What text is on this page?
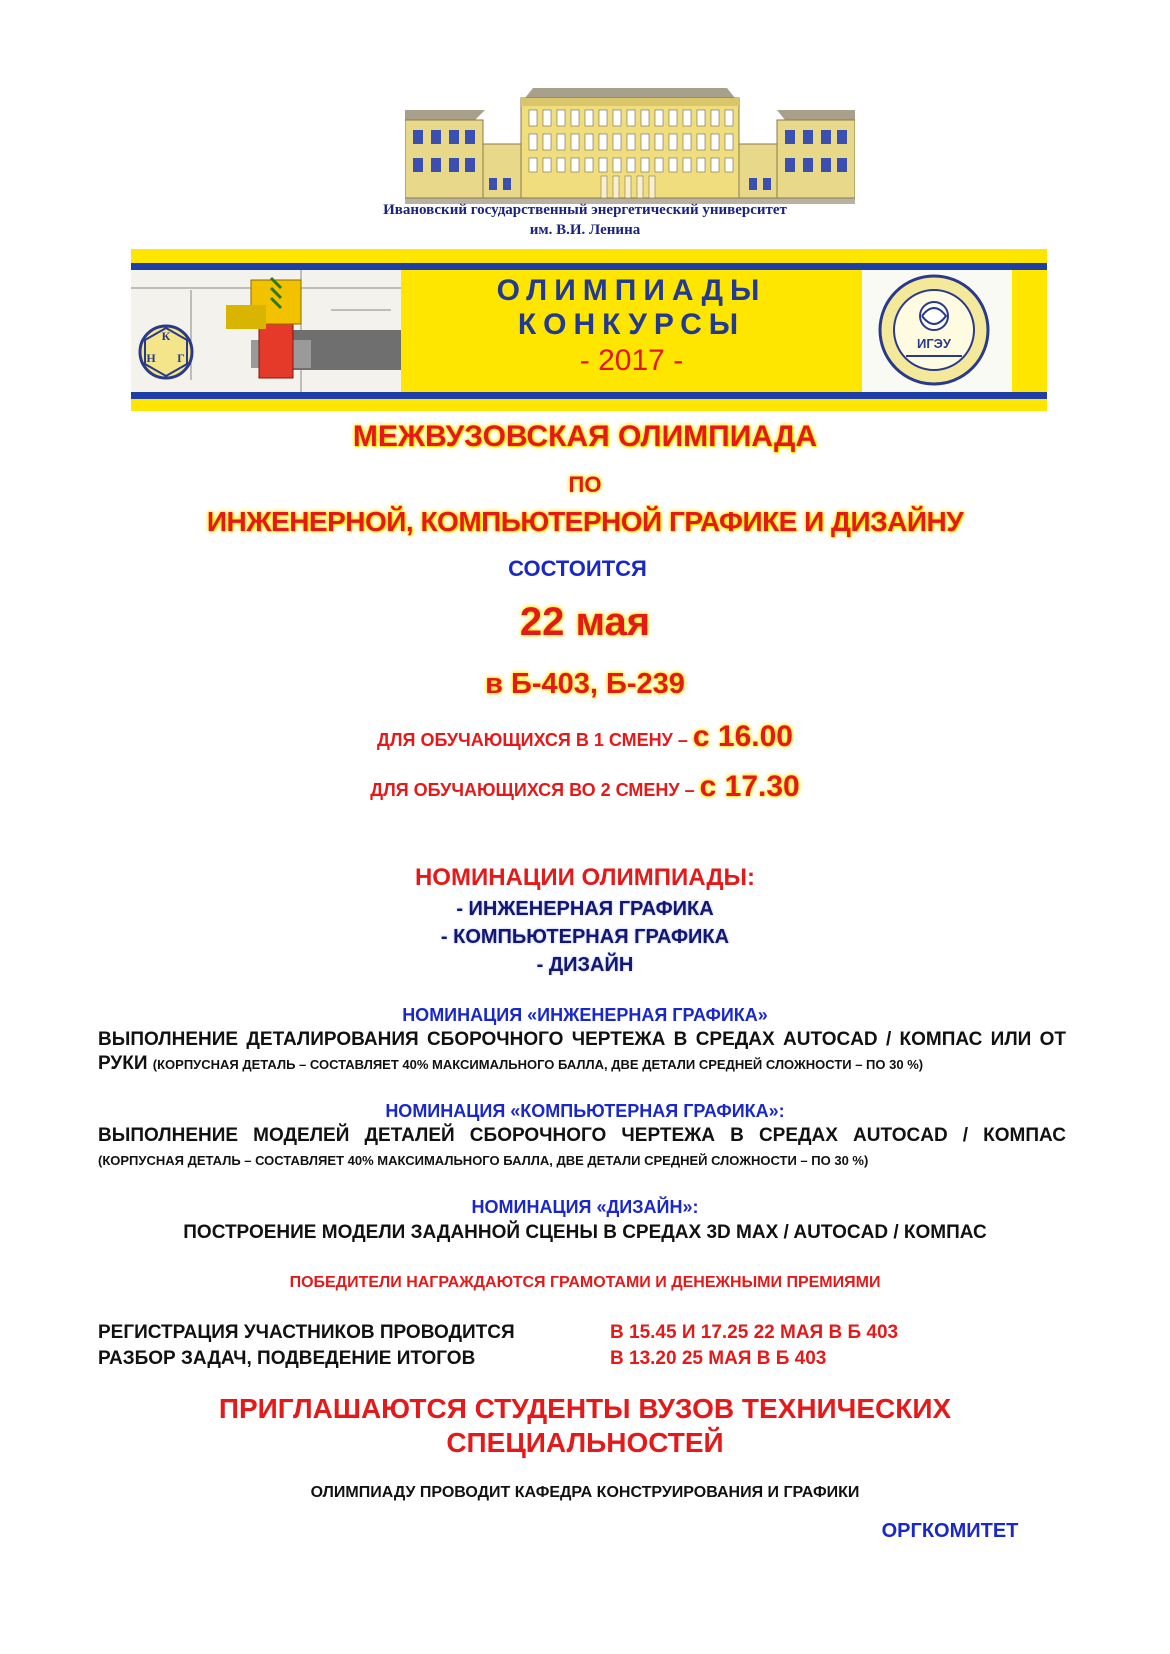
Ивановский государственный энергетический университет
им. В.И. Ленина
К
Н Г
ОЛИМПИАДЫ
КОНКУРСЫ
- 2017 -
ИГЭУ
МЕЖВУЗОВСКАЯ ОЛИМПИАДА
ПО
ИНЖЕНЕРНОЙ, КОМПЬЮТЕРНОЙ ГРАФИКЕ И ДИЗАЙНУ
СОСТОИТСЯ
22 мая
в Б-403, Б-239
ДЛЯ ОБУЧАЮЩИХСЯ В 1 СМЕНУ – с 16.00
ДЛЯ ОБУЧАЮЩИХСЯ ВО 2 СМЕНУ – с 17.30
НОМИНАЦИИ ОЛИМПИАДЫ:
- ИНЖЕНЕРНАЯ ГРАФИКА
- КОМПЬЮТЕРНАЯ ГРАФИКА
- ДИЗАЙН
НОМИНАЦИЯ «ИНЖЕНЕРНАЯ ГРАФИКА»
ВЫПОЛНЕНИЕ ДЕТАЛИРОВАНИЯ СБОРОЧНОГО ЧЕРТЕЖА В СРЕДАХ AUTOCAD / КОМПАС ИЛИ ОТ РУКИ (КОРПУСНАЯ ДЕТАЛЬ – СОСТАВЛЯЕТ 40% МАКСИМАЛЬНОГО БАЛЛА, ДВЕ ДЕТАЛИ СРЕДНЕЙ СЛОЖНОСТИ – ПО 30 %)
НОМИНАЦИЯ «КОМПЬЮТЕРНАЯ ГРАФИКА»:
ВЫПОЛНЕНИЕ МОДЕЛЕЙ ДЕТАЛЕЙ СБОРОЧНОГО ЧЕРТЕЖА В СРЕДАХ AUTOCAD / КОМПАС (КОРПУСНАЯ ДЕТАЛЬ – СОСТАВЛЯЕТ 40% МАКСИМАЛЬНОГО БАЛЛА, ДВЕ ДЕТАЛИ СРЕДНЕЙ СЛОЖНОСТИ – ПО 30 %)
НОМИНАЦИЯ «ДИЗАЙН»:
ПОСТРОЕНИЕ МОДЕЛИ ЗАДАННОЙ СЦЕНЫ В СРЕДАХ 3D MAX / AUTOCAD / КОМПАС
ПОБЕДИТЕЛИ НАГРАЖДАЮТСЯ ГРАМОТАМИ И ДЕНЕЖНЫМИ ПРЕМИЯМИ
РЕГИСТРАЦИЯ УЧАСТНИКОВ ПРОВОДИТСЯ	В 15.45 И 17.25 22 МАЯ В Б 403
РАЗБОР ЗАДАЧ, ПОДВЕДЕНИЕ ИТОГОВ	В 13.20 25 МАЯ В Б 403
ПРИГЛАШАЮТСЯ СТУДЕНТЫ ВУЗОВ ТЕХНИЧЕСКИХ
СПЕЦИАЛЬНОСТЕЙ
ОЛИМПИАДУ ПРОВОДИТ КАФЕДРА КОНСТРУИРОВАНИЯ И ГРАФИКИ
ОРГКОМИТЕТ
